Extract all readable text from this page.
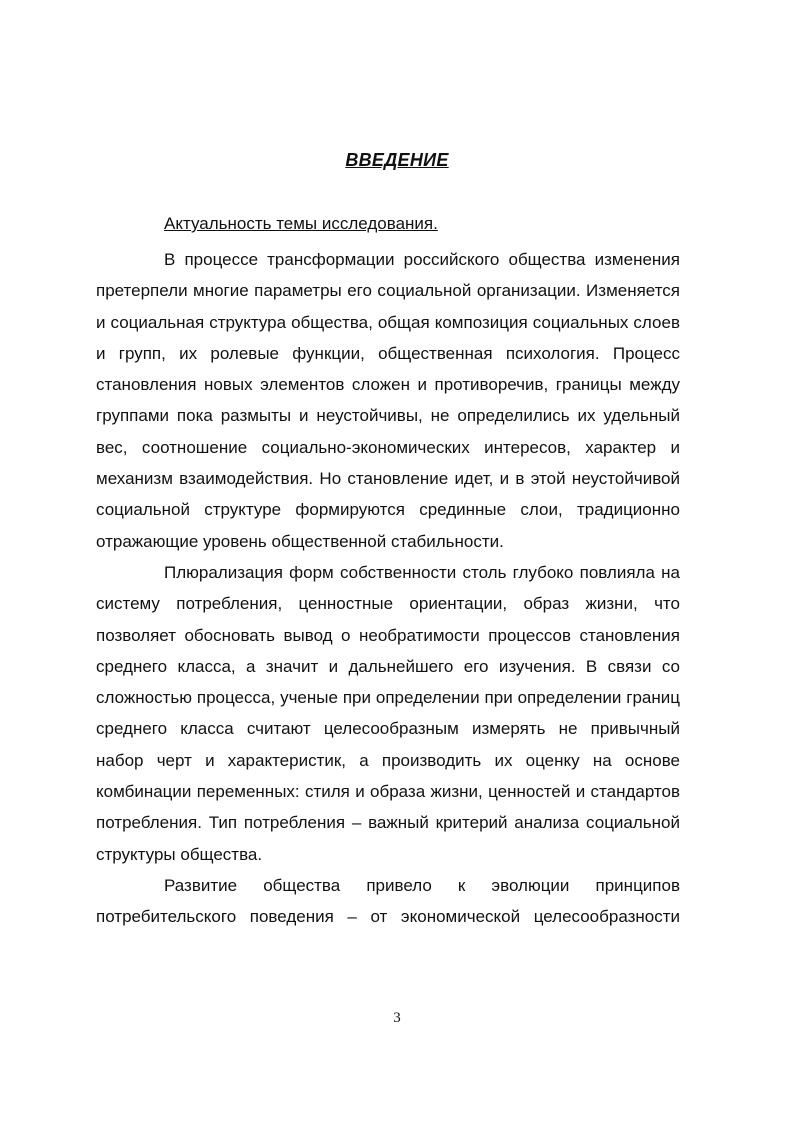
ВВЕДЕНИЕ
Актуальность темы исследования.

В процессе трансформации российского общества изменения претерпели многие параметры его социальной организации. Изменяется и социальная структура общества, общая композиция социальных слоев и групп, их ролевые функции, общественная психология. Процесс становления новых элементов сложен и противоречив, границы между группами пока размыты и неустойчивы, не определились их удельный вес, соотношение социально-экономических интересов, характер и механизм взаимодействия. Но становление идет, и в этой неустойчивой социальной структуре формируются срединные слои, традиционно отражающие уровень общественной стабильности.

Плюрализация форм собственности столь глубоко повлияла на систему потребления, ценностные ориентации, образ жизни, что позволяет обосновать вывод о необратимости процессов становления среднего класса, а значит и дальнейшего его изучения. В связи со сложностью процесса, ученые при определении при определении границ среднего класса считают целесообразным измерять не привычный набор черт и характеристик, а производить их оценку на основе комбинации переменных: стиля и образа жизни, ценностей и стандартов потребления. Тип потребления – важный критерий анализа социальной структуры общества.

Развитие общества привело к эволюции принципов потребительского поведения – от экономической целесообразности

3
